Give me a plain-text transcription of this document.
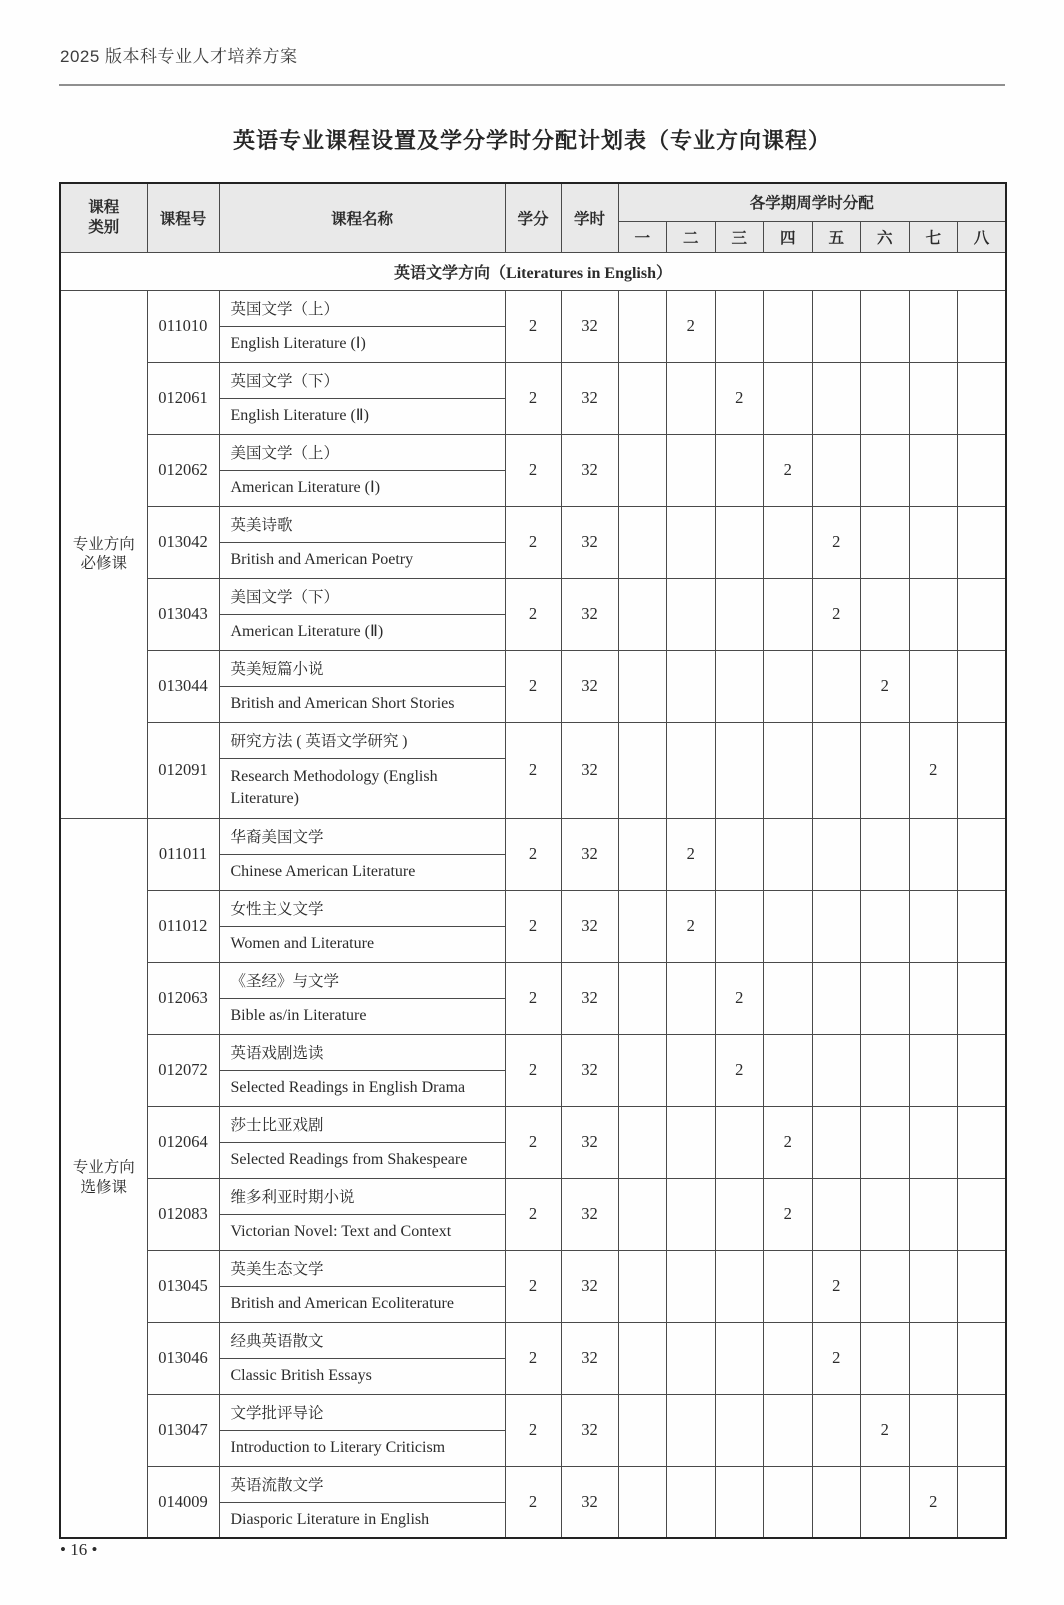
2025 版本科专业人才培养方案
英语专业课程设置及学分学时分配计划表（专业方向课程）
课程
类别	课程号	课程名称	学分	学时	各学期周学时分配							
					一	二	三	四	五	六	七	八
英语文学方向（Literatures in English）												

专业方向
必修课	011010	英国文学（上）	2	32		2						
		English Literature (Ⅰ)										
	012061	英国文学（下）	2	32			2					
		English Literature (Ⅱ)										
	012062	美国文学（上）	2	32				2				
		American Literature (Ⅰ)										
	013042	英美诗歌	2	32					2			
		British and American Poetry										
	013043	美国文学（下）	2	32					2			
		American Literature (Ⅱ)										
	013044	英美短篇小说	2	32						2		
		British and American Short Stories										
	012091	研究方法 ( 英语文学研究 )	2	32							2	
		Research Methodology (English Literature)										

专业方向
选修课	011011	华裔美国文学	2	32		2						
		Chinese American Literature										
	011012	女性主义文学	2	32		2						
		Women and Literature										
	012063	《圣经》与文学	2	32			2					
		Bible as/in Literature										
	012072	英语戏剧选读	2	32			2					
		Selected Readings in English Drama										
	012064	莎士比亚戏剧	2	32				2				
		Selected Readings from Shakespeare										
	012083	维多利亚时期小说	2	32				2				
		Victorian Novel: Text and Context										
	013045	英美生态文学	2	32					2			
		British and American Ecoliterature										
	013046	经典英语散文	2	32					2			
		Classic British Essays										
	013047	文学批评导论	2	32						2		
		Introduction to Literary Criticism										
	014009	英语流散文学	2	32							2	
		Diasporic Literature in English										
• 16 •
